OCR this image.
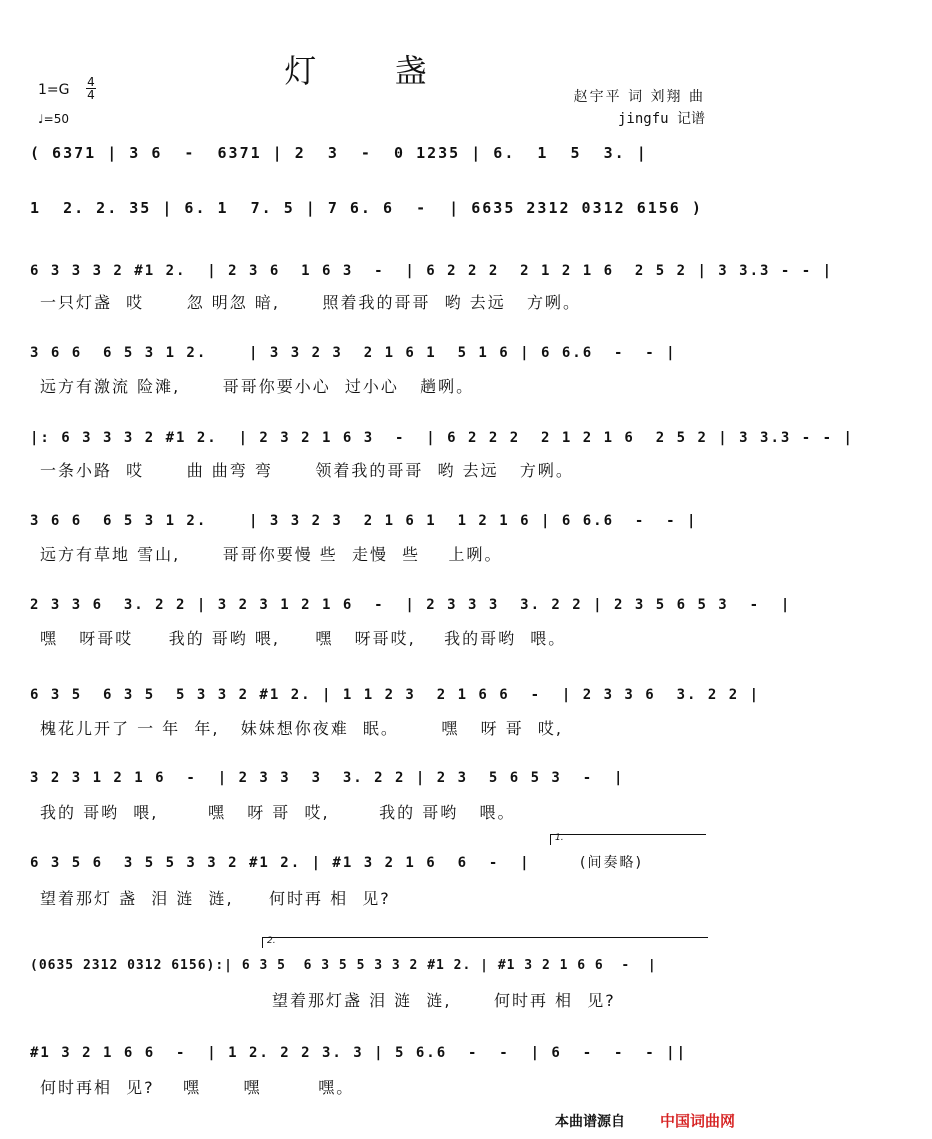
灯 盏
1=G 4
4
♩=50
赵宇平 词 刘翔 曲
jingfu 记谱
( 6371 | 3 6  -  6371 | 2  3  -  0 1235 | 6.  1  5  3. |
1  2. 2. 35 | 6. 1  7. 5 | 7 6. 6  -  | 6635 2312 0312 6156 )
6 3 3 3 2 #1 2.  | 2 3 6  1 6 3  -  | 6 2 2 2  2 1 2 1 6  2 5 2 | 3 3.3 - - |
一只灯盏  哎      忽 明忽 暗,      照着我的哥哥  哟 去远   方咧。
3 6 6  6 5 3 1 2.    | 3 3 2 3  2 1 6 1  5 1 6 | 6 6.6  -  - |
远方有激流 险滩,      哥哥你要小心  过小心   趟咧。
|: 6 3 3 3 2 #1 2.  | 2 3 2 1 6 3  -  | 6 2 2 2  2 1 2 1 6  2 5 2 | 3 3.3 - - |
一条小路  哎      曲 曲弯 弯      领着我的哥哥  哟 去远   方咧。
3 6 6  6 5 3 1 2.    | 3 3 2 3  2 1 6 1  1 2 1 6 | 6 6.6  -  - |
远方有草地 雪山,      哥哥你要慢 些  走慢  些    上咧。
2 3 3 6  3. 2 2 | 3 2 3 1 2 1 6  -  | 2 3 3 3  3. 2 2 | 2 3 5 6 5 3  -  |
嘿   呀哥哎     我的 哥哟 喂,     嘿   呀哥哎,    我的哥哟  喂。
6 3 5  6 3 5  5 3 3 2 #1 2. | 1 1 2 3  2 1 6 6  -  | 2 3 3 6  3. 2 2 |
槐花儿开了 一 年  年,   妹妹想你夜难  眠。      嘿   呀 哥  哎,
3 2 3 1 2 1 6  -  | 2 3 3  3  3. 2 2 | 2 3  5 6 5 3  -  |
我的 哥哟  喂,       嘿   呀 哥  哎,       我的 哥哟   喂。
1.
6 3 5 6  3 5 5 3 3 2 #1 2. | #1 3 2 1 6  6  -  |	(间奏略)
望着那灯 盏  泪 涟  涟,     何时再 相  见?
2.
(0635 2312 0312 6156):| 6 3 5  6 3 5 5 3 3 2 #1 2. | #1 3 2 1 6 6  -  |
望着那灯盏 泪 涟  涟,      何时再 相  见?
#1 3 2 1 6 6  -  | 1 2. 2 2 3. 3 | 5 6.6  -  -  | 6  -  -  - ||
何时再相  见?    嘿      嘿        嘿。
本曲谱源自 中国词曲网
